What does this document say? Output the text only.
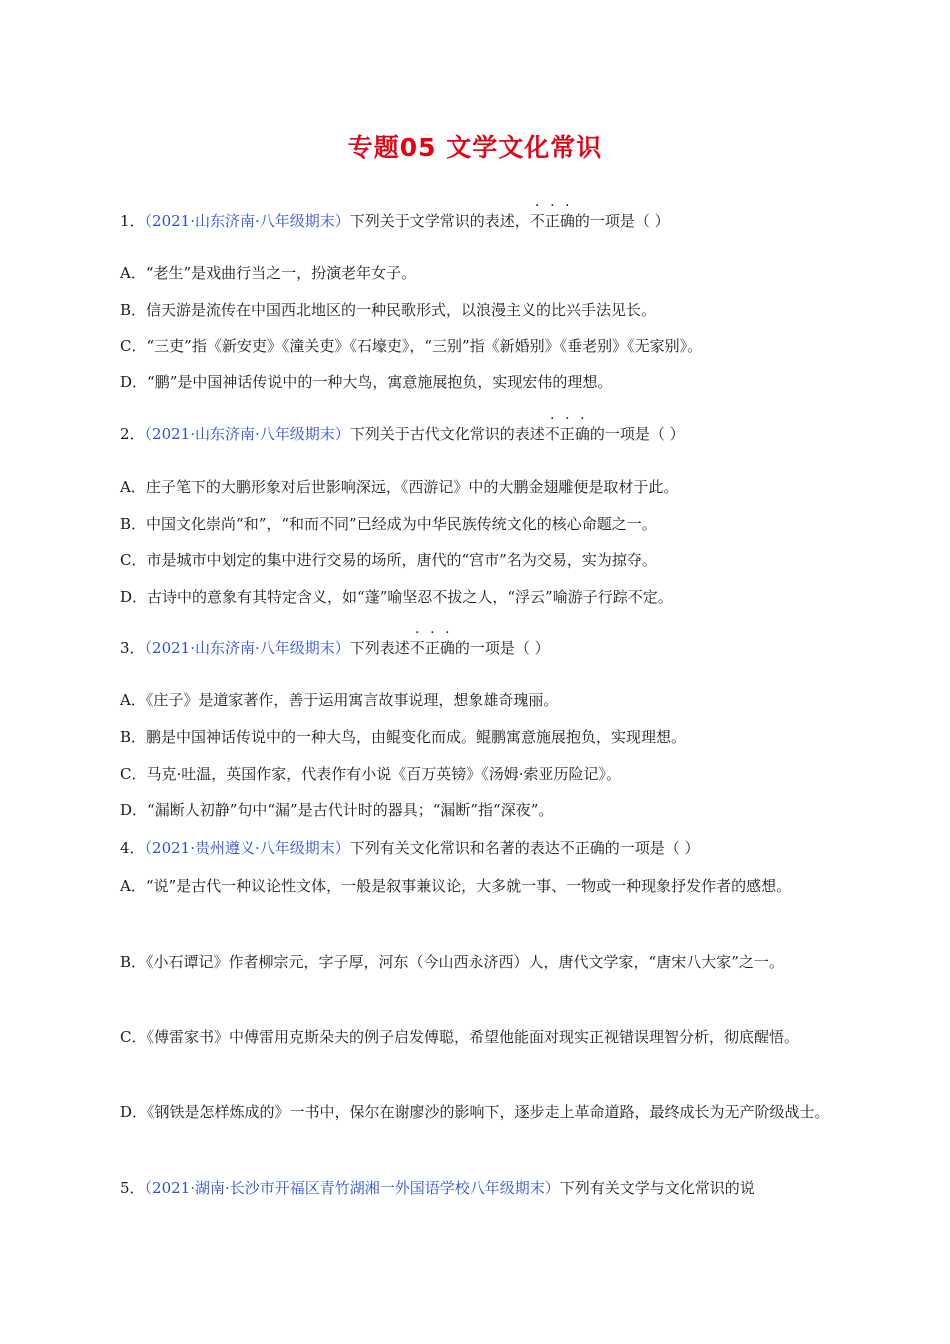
专题05 文学文化常识
1．（2021·山东济南·八年级期末）下列关于文学常识的表述，不正确的一项是（ ）
A．“老生”是戏曲行当之一，扮演老年女子。
B．信天游是流传在中国西北地区的一种民歌形式，以浪漫主义的比兴手法见长。
C．“三吏”指《新安吏》《潼关吏》《石壕吏》，“三别”指《新婚别》《垂老别》《无家别》。
D．“鹏”是中国神话传说中的一种大鸟，寓意施展抱负，实现宏伟的理想。
2．（2021·山东济南·八年级期末）下列关于古代文化常识的表述不正确的一项是（ ）
A．庄子笔下的大鹏形象对后世影响深远，《西游记》中的大鹏金翅雕便是取材于此。
B．中国文化崇尚“和”，“和而不同”已经成为中华民族传统文化的核心命题之一。
C．市是城市中划定的集中进行交易的场所，唐代的“宫市”名为交易，实为掠夺。
D．古诗中的意象有其特定含义，如“蓬”喻坚忍不拔之人，“浮云”喻游子行踪不定。
3．（2021·山东济南·八年级期末）下列表述不正确的一项是（ ）
A．《庄子》是道家著作，善于运用寓言故事说理，想象雄奇瑰丽。
B．鹏是中国神话传说中的一种大鸟，由鲲变化而成。鲲鹏寓意施展抱负，实现理想。
C．马克·吐温，英国作家，代表作有小说《百万英镑》《汤姆·索亚历险记》。
D．“漏断人初静”句中“漏”是古代计时的器具；“漏断”指“深夜”。
4．（2021·贵州遵义·八年级期末）下列有关文化常识和名著的表达不正确的一项是（ ）
A．“说”是古代一种议论性文体，一般是叙事兼议论，大多就一事、一物或一种现象抒发作者的感想。
B．《小石谭记》作者柳宗元，字子厚，河东（今山西永济西）人，唐代文学家，“唐宋八大家”之一。
C．《傅雷家书》中傅雷用克斯朵夫的例子启发傅聪，希望他能面对现实正视错误理智分析，彻底醒悟。
D．《钢铁是怎样炼成的》一书中，保尔在谢廖沙的影响下，逐步走上革命道路，最终成长为无产阶级战士。
5．（2021·湖南·长沙市开福区青竹湖湘一外国语学校八年级期末）下列有关文学与文化常识的说
